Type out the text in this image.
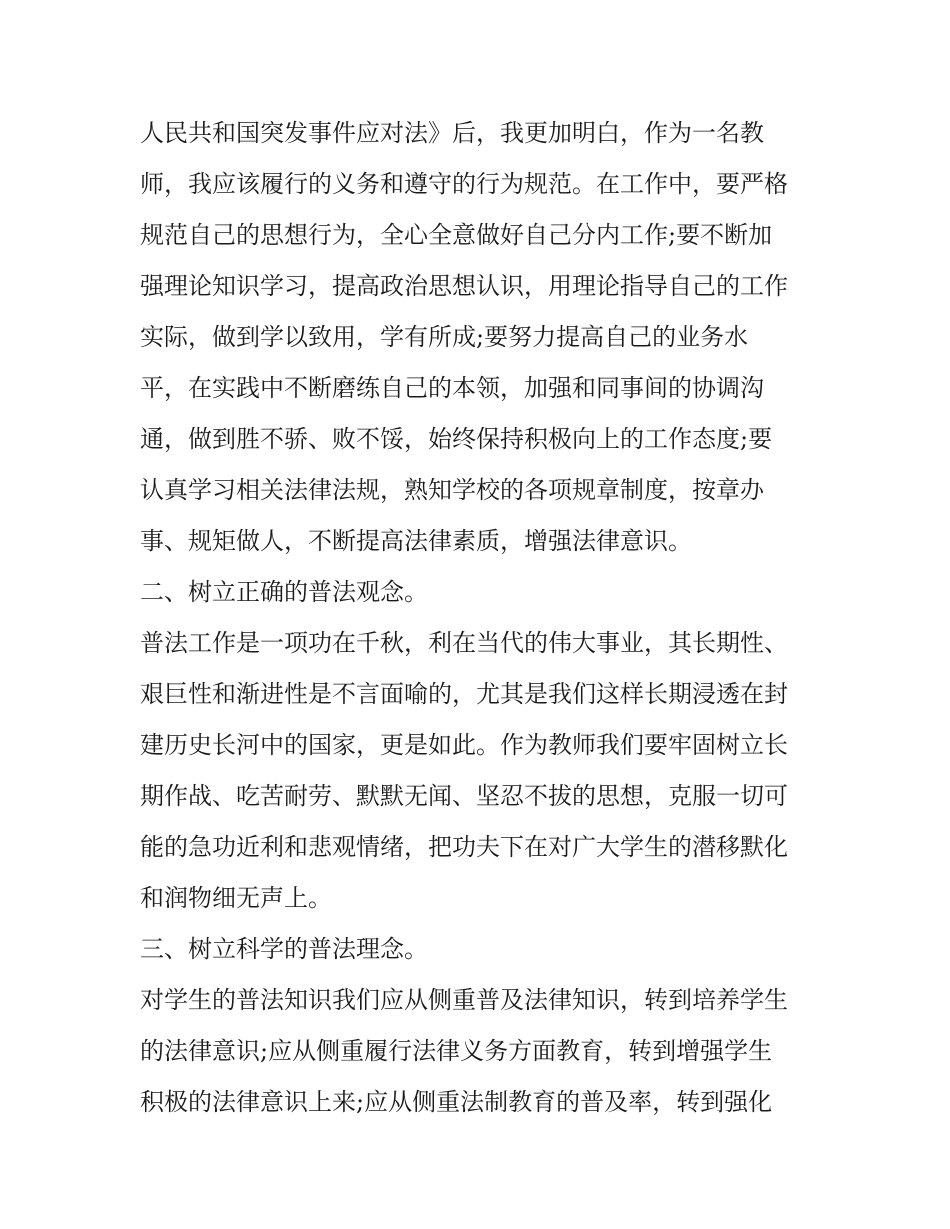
人民共和国突发事件应对法》后，我更加明白，作为一名教
师，我应该履行的义务和遵守的行为规范。在工作中，要严格
规范自己的思想行为，全心全意做好自己分内工作;要不断加
强理论知识学习，提高政治思想认识，用理论指导自己的工作
实际，做到学以致用，学有所成;要努力提高自己的业务水
平，在实践中不断磨练自己的本领，加强和同事间的协调沟
通，做到胜不骄、败不馁，始终保持积极向上的工作态度;要
认真学习相关法律法规，熟知学校的各项规章制度，按章办
事、规矩做人，不断提高法律素质，增强法律意识。
二、树立正确的普法观念。
普法工作是一项功在千秋，利在当代的伟大事业，其长期性、
艰巨性和渐进性是不言面喻的，尤其是我们这样长期浸透在封
建历史长河中的国家，更是如此。作为教师我们要牢固树立长
期作战、吃苦耐劳、默默无闻、坚忍不拔的思想，克服一切可
能的急功近利和悲观情绪，把功夫下在对广大学生的潜移默化
和润物细无声上。
三、树立科学的普法理念。
对学生的普法知识我们应从侧重普及法律知识，转到培养学生
的法律意识;应从侧重履行法律义务方面教育，转到增强学生
积极的法律意识上来;应从侧重法制教育的普及率，转到强化
